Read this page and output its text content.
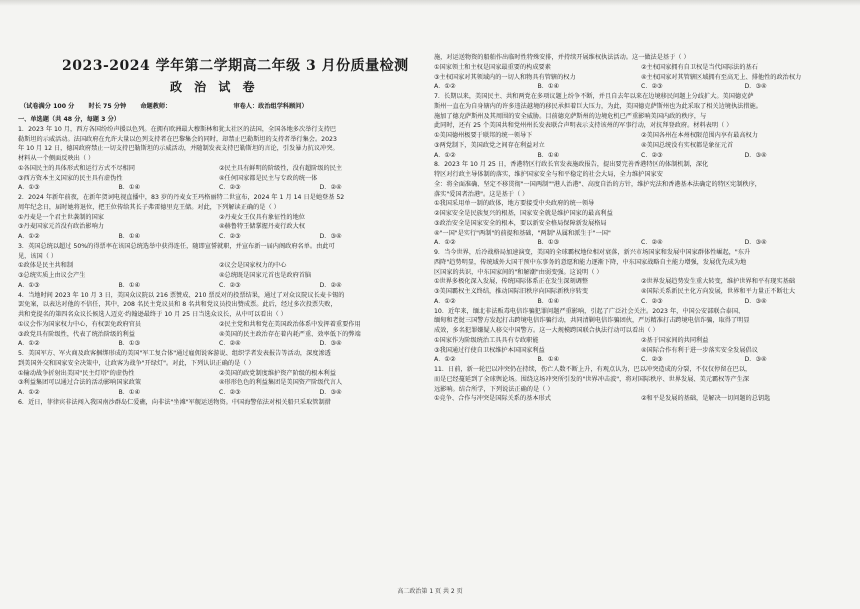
2023-2024 学年第二学期高二年级 3 月份质量检测
政 治 试 卷
（试卷满分 100 分 时长 75 分钟 命题教师：	审卷人：政治组学科顾问）

一、单选题（共 48 分，每题 3 分）

1．2023 年 10 月，西方各国纷纷声援以色列。在拥有欧洲最大穆斯林和犹太社区的法国，全国各地多次举行支持巴

勒斯坦的示威活动。法国政府在允许大量以色列支持者在巴黎集会的同时，却禁止巴勒斯坦的支持者举行集会。2023

年 10 月 12 日，德国政府禁止一切支持巴勒斯坦的示威活动，并随制发表支持巴勒斯坦的言论，引发暴力抗议冲突。

材料从一个侧面反映出（ ）

①各国民主的具体形式和运行方式不尽相同	②民主具有鲜明的阶级性，没有超阶级的民主
③西方资本主义国家的民主具有虚伪性	④任何国家都是民主与专政的统一体
A．①③	B．①④	C．②③	D．②④

2．2024 年新年前夜，在新年贺词电视直播中，83 岁的丹麦女王玛格丽特二世宣布，2024 年 1 月 14 日是她登基 52

周年纪念日，届时她将退位，把王位传给其长子弗雷德里克王储。对此，下列解读正确的是（ ）

①丹麦是一个君主世袭制的国家	②丹麦女王仅具有象征性的地位
③丹麦国家元首没有政治影响力	④赫鲁特王储掌握丹麦行政大权
A．①②	B．①④	C．②③	D．③④

3．英国总统以超过 50%的得票率在该国总统选举中获得连任，随即宣誓就职，并宣布新一届内阁政府名单。由此可

见，该国（ ）

①政体是民主共和制	②议会是国家权力的中心
③总统实质上由议会产生	④总统既是国家元首也是政府首脑
A．①③	B．①④	C．②③	D．②④

4．当地时间 2023 年 10 月 3 日，美国众议院以 216 票赞成、210 票反对的投票结果，通过了对众议院议长麦卡锡的

罢免案，以表达对他的不信任，其中，208 名民主党议员和 8 名共和党议员投出赞成票。此后，经过多次投票失败，

共和党提名的第四名众议长候选人迈克·约翰逊最终于 10 月 25 日当选众议长，从中可以看出（ ）

①议会作为国家权力中心，有权罢免政府官员	②民主党和共和党在美国政治体系中发挥着重要作用
③政党具有阶级性，代表了统治阶级的利益	④美国的民主政治存在着内耗严重、效率低下的弊端
A．①②	B．①③	C．②④	D．③④

5．美国军方、军火商及政客捆绑形成的美国"军工复合体"通过雇佣说客游说、组织学者发表报告等活动，深度渗透

到美国外交和国家安全决策中，让政客为战争"开绿灯"。对此，下列认识正确的是（ ）

①输动战争折射出美国"民主灯塔"的虚伪性	②美国的政党制度维护资产阶级的根本利益
③利益集团可以通过合法的活动影响国家政策	④形形色色的利益集团是美国资产阶级代言人
A．①②	B．①④	C．②③	D．③④

6．近日，菲律宾非法闯入我国南沙群岛仁爱礁，向非法"坐滩"军舰运送物资。中国海警依法对相关船只采取管制措

施，对运送物资的船舶作出临时性特殊安排，并持续开展维权执法活动。这一做法是基于（ ）

①国家领土和主权是国家最重要的构成要素	②主权国家拥有自卫权是当代国际法的基石
③主权国家对其领域内的一切人和物具有管辖的权力	④主权国家对其管辖区域拥有至高无上、排他性的政治权力
A．①②	B．①④	C．②③	D．③④

7．长期以来，美国民主、共和两党在多项议题上纷争不断，并且自去年以来在边境移民问题上分歧扩大。美国德克萨

斯州一直在为自身辖内的许多违法越境的移民承担着巨大压力，为此，美国德克萨斯州也为此采取了相关边境执法措施。

施加了德克萨斯州及其周围的安全威胁。目前德克萨斯州的边境危机已严重影响美国内政的秩序，与

此同时，还有 25 个美国共和党州州长发表联合声明表示支持该州的军事行动，对抗拜登政府。材料表明（ ）

①美国德州极要于联邦的统一领导下	②美国各州在本州权限范围内享有最高权力
③两党制下，美国政党之间存在利益对立	④美国总统没有实权都是象征元首
A．①②	B．①④	C．②③	D．③④

8．2023 年 10 月 25 日，香港特区行政长官发表施政报告，提出要完善香港特区的体制机制，深化

特区对行政主导体制的落实，维护国家安全与和平稳定的社会大局，全力维护国家安

全：将全面准确、坚定不移贯彻"一国两制""港人治港"、高度自治的方针，维护宪法和香港基本法确定的特区宪制秩序，

落实"爱国者治港"。这是基于（ ）

①我国采用单一制的政体，地方要接受中央政府的统一领导
②国家安全是民族复兴的根基，国家安全就是维护国家的最高利益
③政治安全是国家安全的根本，要以新安全格局保障新发展格局
④"一国"是实行"两制"的前提和基础，"两制"从属和派生于"一国"
A．①②	B．①③	C．②④	D．③④

9．当今世界，后冷战格局加速演变，美国的全球霸权地位相对衰落，新兴市场国家和发展中国家群体性崛起，"东升

西降"趋势明显，传统域外大国干预中东事务的意愿和能力逐渐下降，中东国家战略自主能力增强，发展优先成为地

区国家的共识，中东国家间的"和解潮"由弱变强。这说明（ ）

①世界多极化深入发展，传统国际体系正在发生深刻调整	②世界发展趋势发生重大转变，维护世界和平有现实基础
③美国霸权主义终结，推动国际旧秩序向国际新秩序转变	④国际关系新民主化方向发展，世界和平力量正不断壮大
A．①②	B．①④	C．②③	D．③④

10．近年来，缅北非法贩毒电信诈骗犯罪问题严重影响，引起了广泛社会关注。2023 年，中国公安部联合泰国、

缅甸和老挝三国警方发起打击跨境电信诈骗行动，共同清剿电信诈骗团伙，严厉精准打击跨境电信诈骗，取得了明显

成效，多名犯罪嫌疑人移交中国警方。这一大规模跨国联合执法行动可以看出（ ）

①国家作为阶级统治工具具有专政职能	②基于国家间的共同利益
③我国通过行使自卫权维护本国国家利益	④国际合作有利于进一步落实安全发展倡议
A．①②	B．①④	C．②③	D．③④

11．日前，新一轮巴以冲突仍在持续，伤亡人数不断上升，有观点认为，巴以冲突造成的分裂，不仅仅停留在巴以，

而是已经蔓延到了全球舆论场。围绕这场冲突所引发的"世界冲击波"，将对国际秩序、世界发展、美元霸权等产生深

远影响。结合所学，下列说法正确的是（ ）

①竞争、合作与冲突是国际关系的基本形式	②和平是发展的基础，是解决一切问题的总钥匙
高二政治第 1 页 共 2 页
